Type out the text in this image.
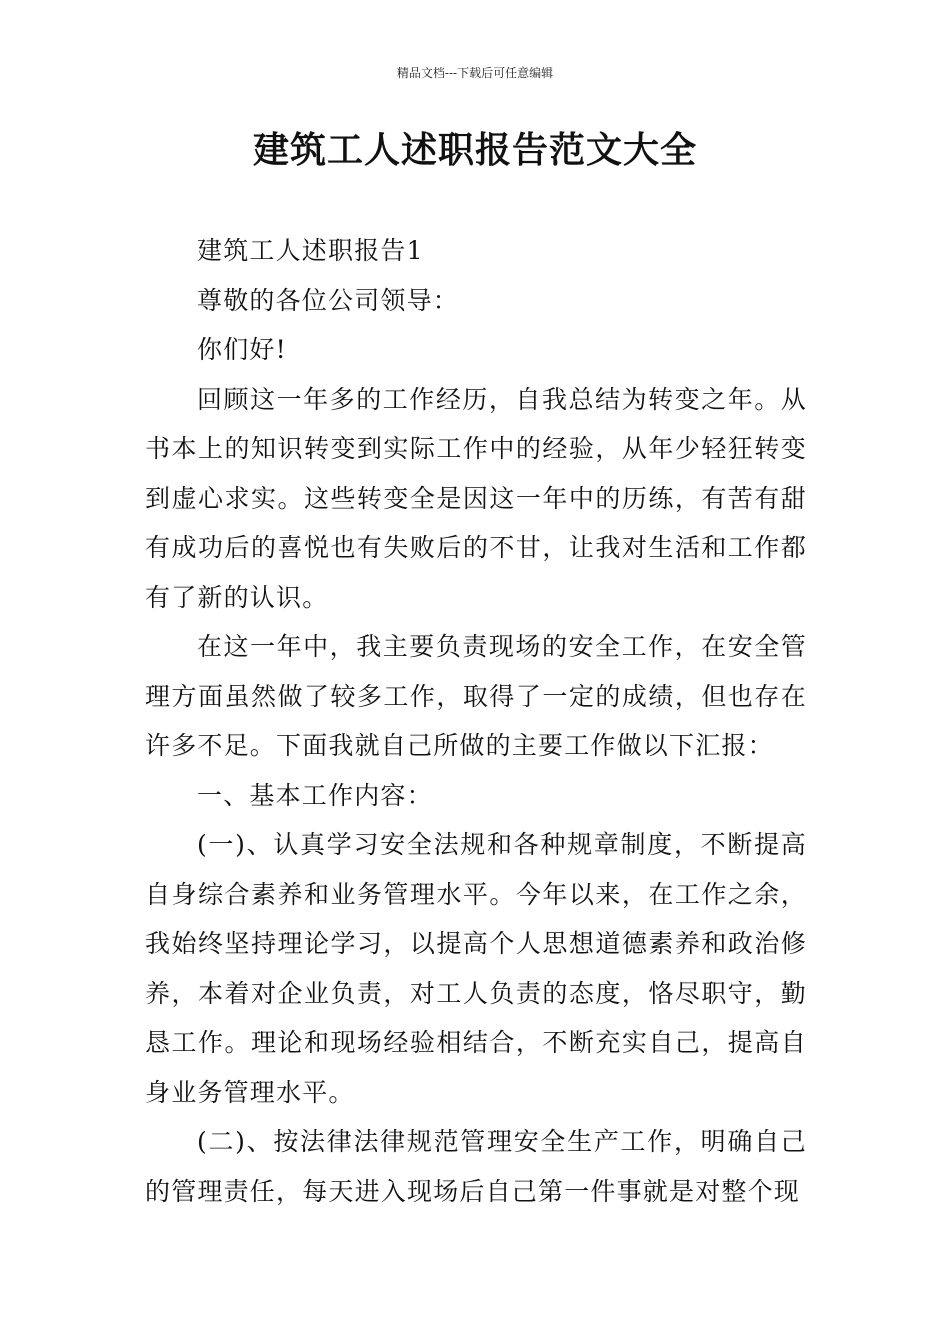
精品文档---下载后可任意编辑
建筑工人述职报告范文大全

建筑工人述职报告1

尊敬的各位公司领导：

你们好!

回顾这一年多的工作经历，自我总结为转变之年。从书本上的知识转变到实际工作中的经验，从年少轻狂转变到虚心求实。这些转变全是因这一年中的历练，有苦有甜有成功后的喜悦也有失败后的不甘，让我对生活和工作都有了新的认识。

在这一年中，我主要负责现场的安全工作，在安全管理方面虽然做了较多工作，取得了一定的成绩，但也存在许多不足。下面我就自己所做的主要工作做以下汇报：

一、基本工作内容：

(一)、认真学习安全法规和各种规章制度，不断提高自身综合素养和业务管理水平。今年以来，在工作之余，我始终坚持理论学习，以提高个人思想道德素养和政治修养，本着对企业负责，对工人负责的态度，恪尽职守，勤恳工作。理论和现场经验相结合，不断充实自己，提高自身业务管理水平。

(二)、按法律法律规范管理安全生产工作，明确自己的管理责任，每天进入现场后自己第一件事就是对整个现
